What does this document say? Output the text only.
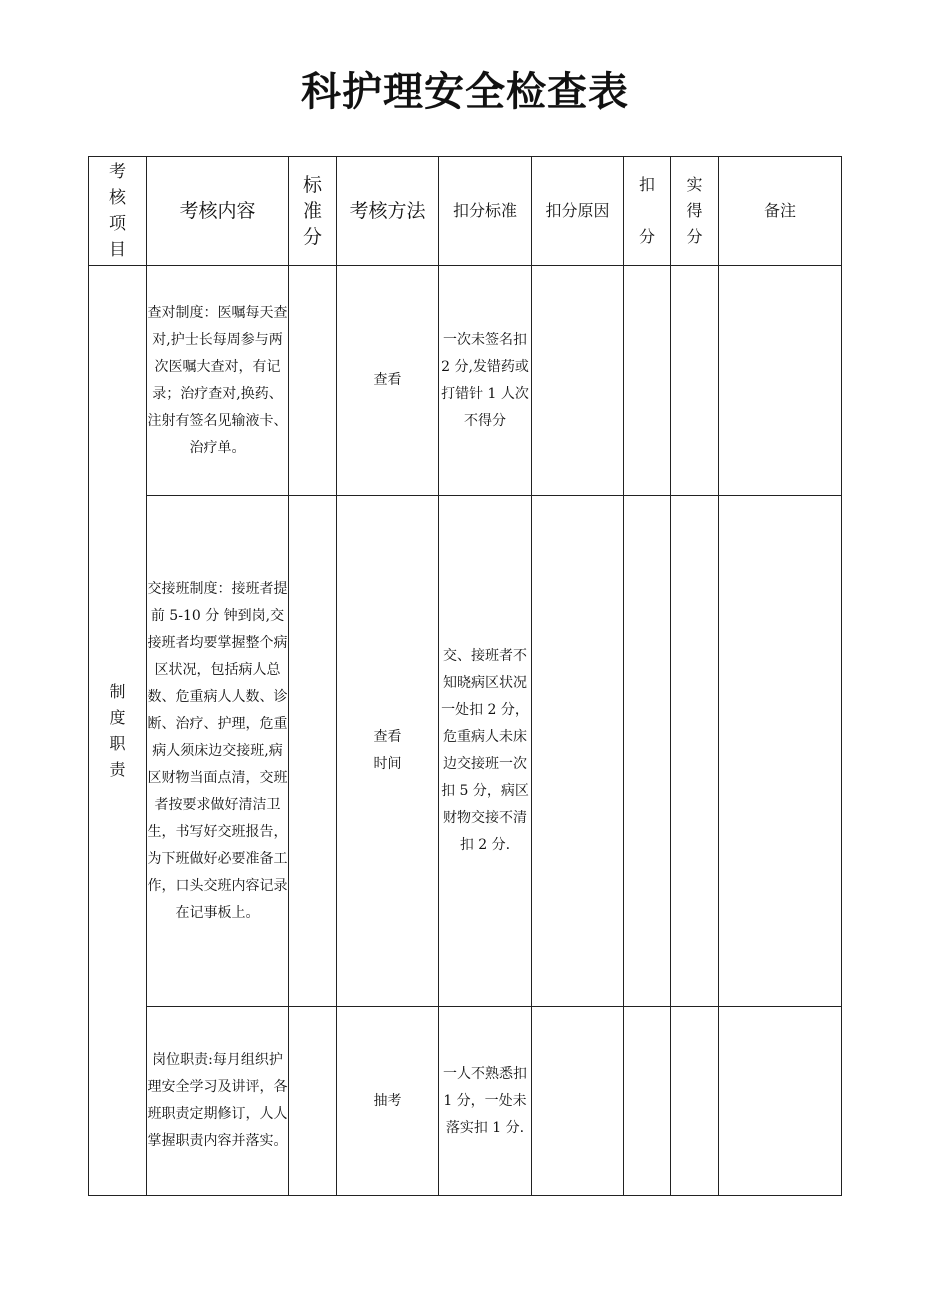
科护理安全检查表
考
核
项
目	考核内容	标
准
分	考核方法	扣分标准	扣分原因	扣

分	实
得
分	备注
制
度
职
责	查对制度：医嘱每天查对,护士长每周参与两次医嘱大查对，有记录；治疗查对,换药、注射有签名见输液卡、治疗单。		查看	一次未签名扣 2 分,发错药或打错针 1 人次不得分				
	交接班制度：接班者提前 5-10 分 钟到岗,交接班者均要掌握整个病区状况，包括病人总数、危重病人人数、诊断、治疗、护理，危重病人须床边交接班,病区财物当面点清，交班者按要求做好清洁卫生，书写好交班报告，为下班做好必要准备工作，口头交班内容记录在记事板上。		查看
时间	交、接班者不知晓病区状况一处扣 2 分，危重病人未床边交接班一次扣 5 分，病区财物交接不清扣 2 分.				
	岗位职责:每月组织护理安全学习及讲评，各班职责定期修订，人人掌握职责内容并落实。		抽考	一人不熟悉扣 1 分，一处未落实扣 1 分.				
